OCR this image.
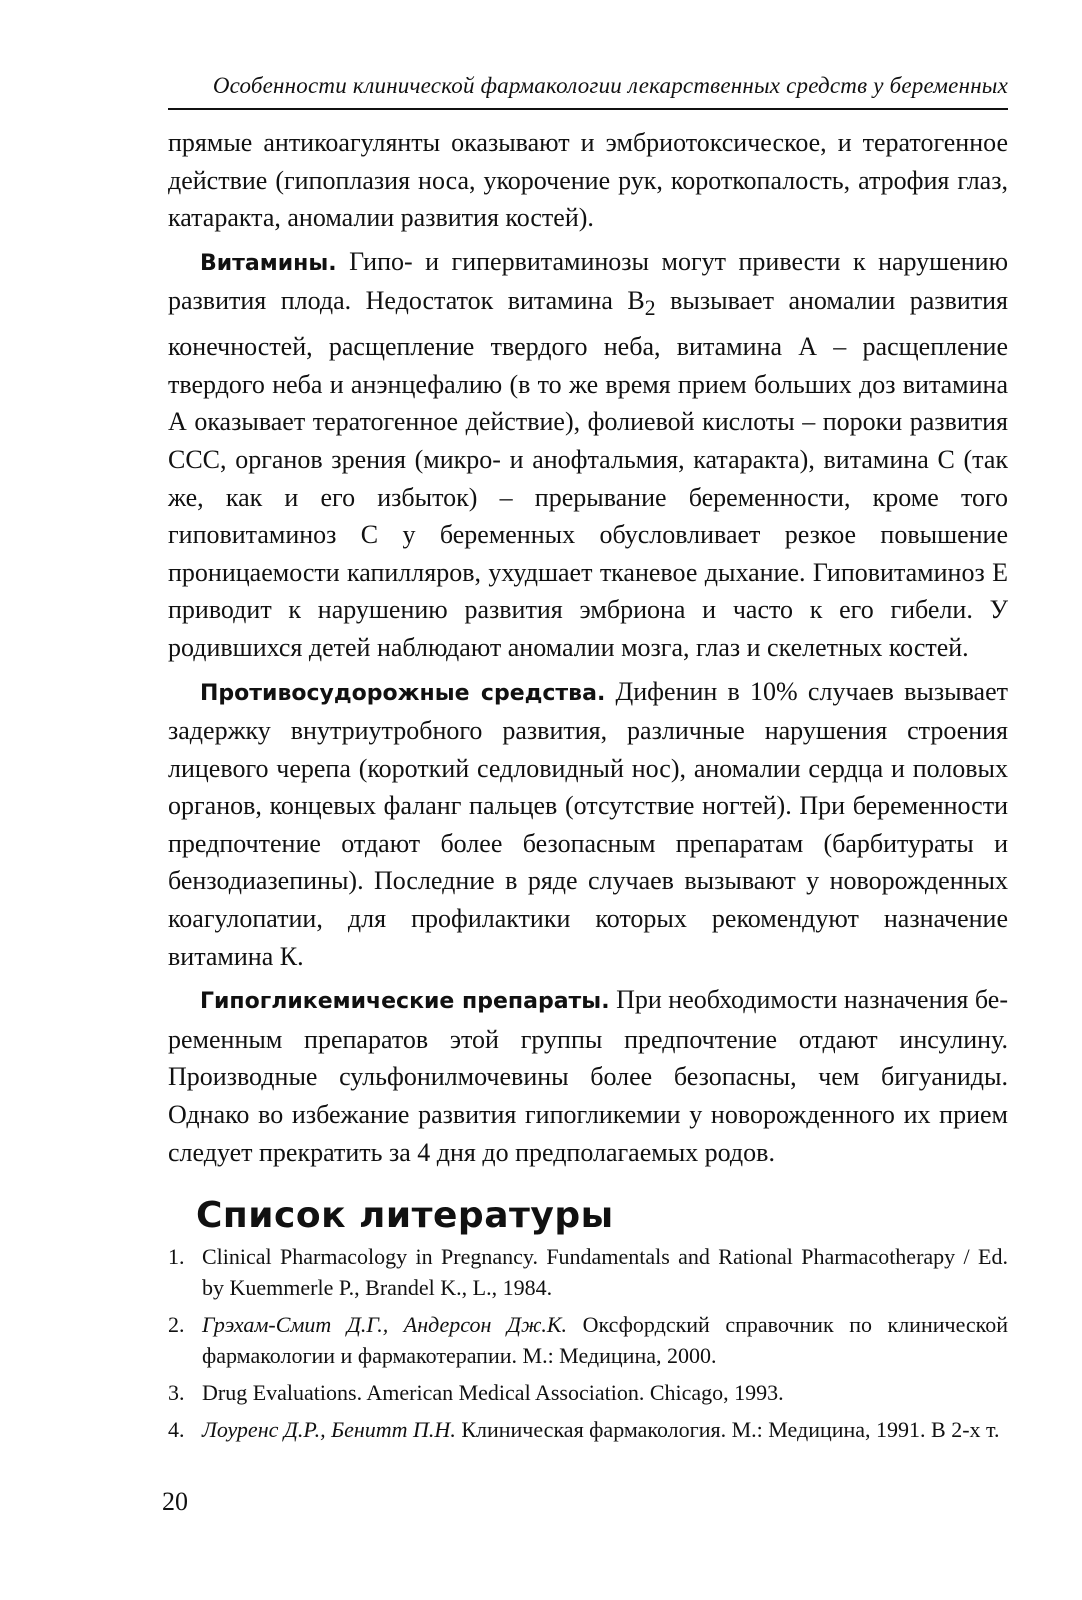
Особенности клинической фармакологии лекарственных средств у беременных

прямые антикоагулянты оказывают и эмбриотоксическое, и тератогенное действие (гипоплазия носа, укорочение рук, короткопалость, атрофия глаз, катаракта, аномалии развития костей).

Витамины. Гипо- и гипервитаминозы могут привести к нарушению развития плода. Недостаток витамина $B_2$ вызывает аномалии развития конечностей, расщепление твердого неба, витамина А – расщепление твердого неба и анэнцефалию (в то же время прием больших доз витамина А оказывает тератогенное действие), фолиевой кислоты – пороки развития ССС, органов зрения (микро- и анофтальмия, катаракта), витамина С (так же, как и его избыток) – прерывание беременности, кроме того гиповитаминоз С у беременных обусловливает резкое повышение проницаемости капилляров, ухудшает тканевое дыхание. Гиповитаминоз Е приводит к нарушению развития эмбриона и часто к его гибели. У родившихся детей наблюдают аномалии мозга, глаз и скелетных костей.

Противосудорожные средства. Дифенин в 10% случаев вызывает задержку внутриутробного развития, различные нарушения строения лицевого черепа (короткий седловидный нос), аномалии сердца и половых органов, концевых фаланг пальцев (отсутствие ногтей). При беременности предпочтение отдают более безопасным препаратам (барбитураты и бензодиазепины). Последние в ряде случаев вызывают у новорожденных коагулопатии, для профилактики которых рекомендуют назначение витамина К.

Гипогликемические препараты. При необходимости назначения беременным препаратов этой группы предпочтение отдают инсулину. Производные сульфонилмочевины более безопасны, чем бигуаниды. Однако во избежание развития гипогликемии у новорожденного их прием следует прекратить за 4 дня до предполагаемых родов.

Список литературы
1. Clinical Pharmacology in Pregnancy. Fundamentals and Rational Pharmacotherapy / Ed. by Kuemmerle P., Brandel K., L., 1984.
2. Грэхам-Смит Д.Г., Андерсон Дж.К. Оксфордский справочник по клинической фармакологии и фармакотерапии. М.: Медицина, 2000.
3. Drug Evaluations. American Medical Association. Chicago, 1993.
4. Лоуренс Д.Р., Бенитт П.Н. Клиническая фармакология. М.: Медицина, 1991. В 2-х т.
20
